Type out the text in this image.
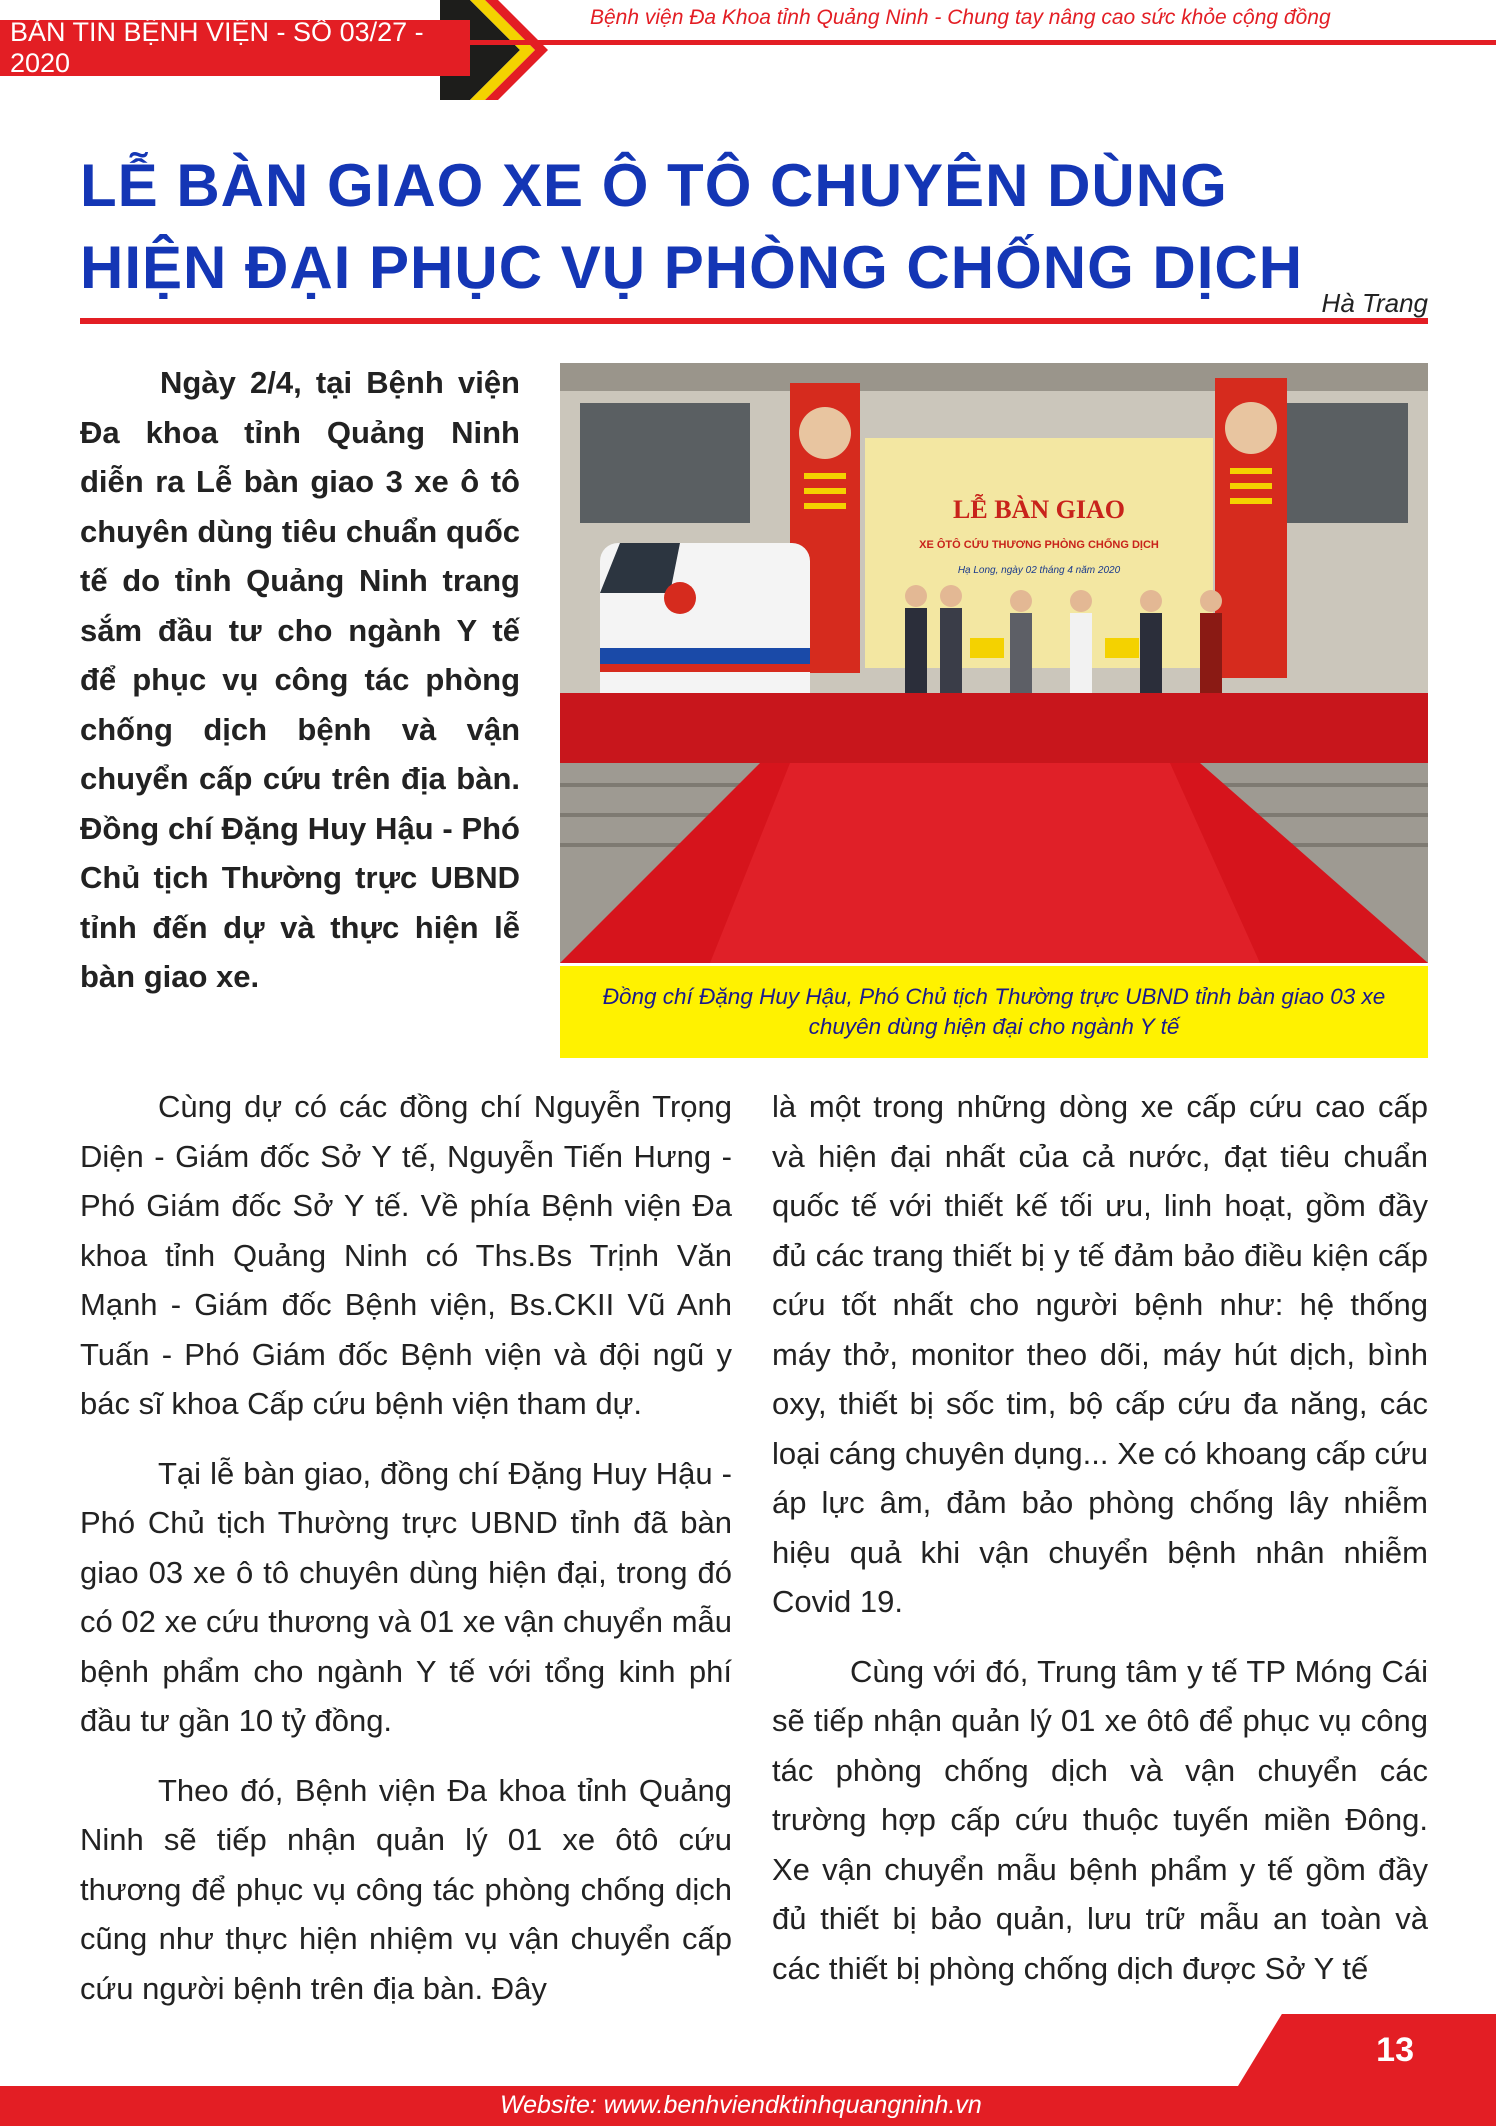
BẢN TIN BỆNH VIỆN - SỐ 03/27 - 2020
Bệnh viện Đa Khoa tỉnh Quảng Ninh - Chung tay nâng cao sức khỏe cộng đồng
LỄ BÀN GIAO XE Ô TÔ CHUYÊN DÙNG
HIỆN ĐẠI PHỤC VỤ PHÒNG CHỐNG DỊCH
Hà Trang

Ngày 2/4, tại Bệnh viện Đa khoa tỉnh Quảng Ninh diễn ra Lễ bàn giao 3 xe ô tô chuyên dùng tiêu chuẩn quốc tế do tỉnh Quảng Ninh trang sắm đầu tư cho ngành Y tế để phục vụ công tác phòng chống dịch bệnh và vận chuyển cấp cứu trên địa bàn. Đồng chí Đặng Huy Hậu - Phó Chủ tịch Thường trực UBND tỉnh đến dự và thực hiện lễ bàn giao xe.

LỄ BÀN GIAO
XE ÔTÔ CỨU THƯƠNG PHÒNG CHỐNG DỊCH
Hạ Long, ngày 02 tháng 4 năm 2020
Đồng chí Đặng Huy Hậu, Phó Chủ tịch Thường trực UBND tỉnh bàn giao 03 xe chuyên dùng hiện đại cho ngành Y tế

Cùng dự có các đồng chí Nguyễn Trọng Diện - Giám đốc Sở Y tế, Nguyễn Tiến Hưng - Phó Giám đốc Sở Y tế. Về phía Bệnh viện Đa khoa tỉnh Quảng Ninh có Ths.Bs Trịnh Văn Mạnh - Giám đốc Bệnh viện, Bs.CKII Vũ Anh Tuấn - Phó Giám đốc Bệnh viện và đội ngũ y bác sĩ khoa Cấp cứu bệnh viện tham dự.

Tại lễ bàn giao, đồng chí Đặng Huy Hậu - Phó Chủ tịch Thường trực UBND tỉnh đã bàn giao 03 xe ô tô chuyên dùng hiện đại, trong đó có 02 xe cứu thương và 01 xe vận chuyển mẫu bệnh phẩm cho ngành Y tế với tổng kinh phí đầu tư gần 10 tỷ đồng.

Theo đó, Bệnh viện Đa khoa tỉnh Quảng Ninh sẽ tiếp nhận quản lý 01 xe ôtô cứu thương để phục vụ công tác phòng chống dịch cũng như thực hiện nhiệm vụ vận chuyển cấp cứu người bệnh trên địa bàn. Đây

là một trong những dòng xe cấp cứu cao cấp và hiện đại nhất của cả nước, đạt tiêu chuẩn quốc tế với thiết kế tối ưu, linh hoạt, gồm đầy đủ các trang thiết bị y tế đảm bảo điều kiện cấp cứu tốt nhất cho người bệnh như: hệ thống máy thở, monitor theo dõi, máy hút dịch, bình oxy, thiết bị sốc tim, bộ cấp cứu đa năng, các loại cáng chuyên dụng... Xe có khoang cấp cứu áp lực âm, đảm bảo phòng chống lây nhiễm hiệu quả khi vận chuyển bệnh nhân nhiễm Covid 19.

Cùng với đó, Trung tâm y tế TP Móng Cái sẽ tiếp nhận quản lý 01 xe ôtô để phục vụ công tác phòng chống dịch và vận chuyển các trường hợp cấp cứu thuộc tuyến miền Đông. Xe vận chuyển mẫu bệnh phẩm y tế gồm đầy đủ thiết bị bảo quản, lưu trữ mẫu an toàn và các thiết bị phòng chống dịch được Sở Y tế

13
Website: www.benhviendktinhquangninh.vn
